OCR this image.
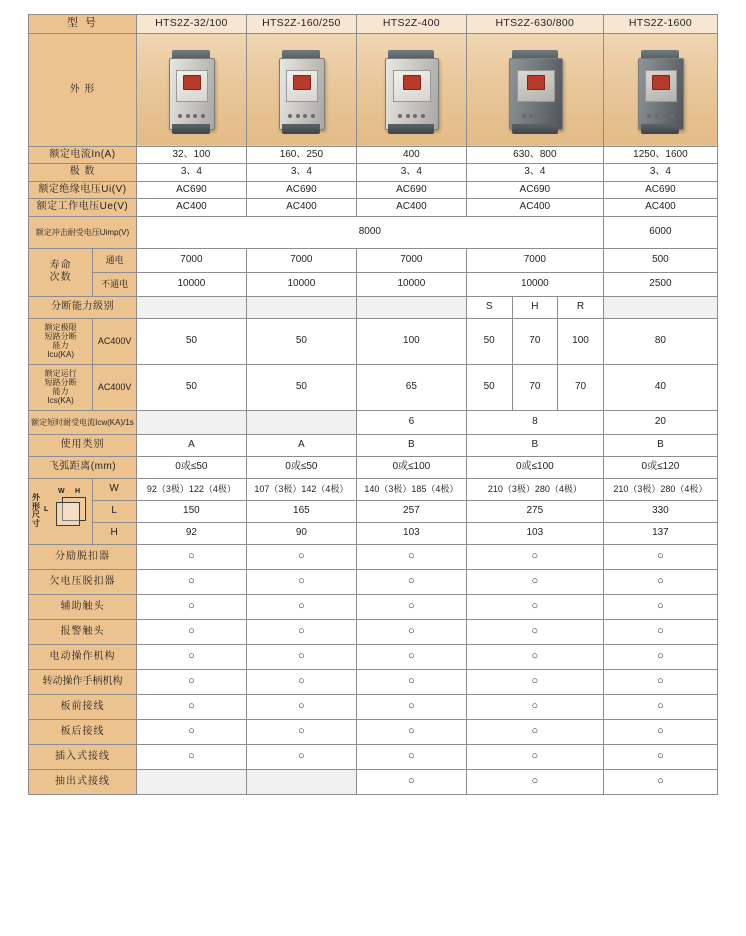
型 号		HTS2Z-32/100	HTS2Z-160/250	HTS2Z-400	HTS2Z-630/800			HTS2Z-1600
外 形				

额定电流In(A)		32、100	160、250	400	630、800			1250、1600
极 数		3、4	3、4	3、4	3、4			3、4
额定绝缘电压Ui(V)		AC690	AC690	AC690	AC690			AC690
额定工作电压Ue(V)		AC400	AC400	AC400	AC400			AC400
额定冲击耐受电压Uimp(V)		8000						6000
寿命
次数	通电	7000	7000	7000	7000			500
	不通电	10000	10000	10000	10000			2500
分断能力级别					S	H	R	
额定极限
短路分断
能力
Icu(KA)	AC400V	50	50	100	50	70	100	80
额定运行
短路分断
能力
Ics(KA)	AC400V	50	50	65	50	70	70	40
额定短时耐受电流Icw(KA)/1s				6	8			20
使用类别		A	A	B	B			B
飞弧距离(mm)		0或≤50	0或≤50	0或≤100	0或≤100			0或≤120

外
形
尺
寸
W H
L
	W	92（3极）122（4极）	107（3极）142（4极）	140（3极）185（4极）	210（3极）280（4极）	210（3极）280（4极）
	L	150	165	257	275			330
	H	92	90	103	103			137
分励脱扣器		○	○	○	○			○
欠电压脱扣器		○	○	○	○			○
辅助触头		○	○	○	○			○
报警触头		○	○	○	○			○
电动操作机构		○	○	○	○			○
转动操作手柄机构		○	○	○	○			○
板前接线		○	○	○	○			○
板后接线		○	○	○	○			○
插入式接线		○	○	○	○			○
抽出式接线				○	○			○
